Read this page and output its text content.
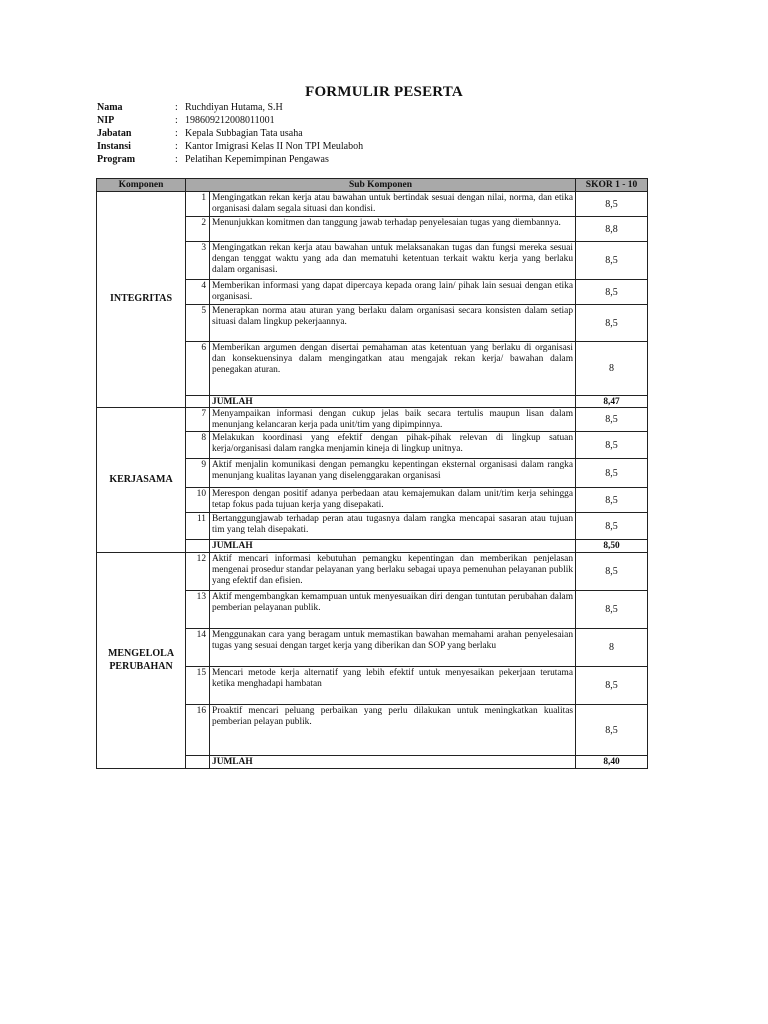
FORMULIR PESERTA
Nama	: Ruchdiyan Hutama, S.H
NIP	: 198609212008011001
Jabatan	: Kepala Subbagian Tata usaha
Instansi	: Kantor Imigrasi Kelas II Non TPI Meulaboh
Program	: Pelatihan Kepemimpinan Pengawas
Komponen	Sub Komponen		SKOR 1 - 10
INTEGRITAS	1	Mengingatkan rekan kerja atau bawahan untuk bertindak sesuai dengan nilai, norma, dan etika organisasi dalam segala situasi dan kondisi.	8,5
	2	Menunjukkan komitmen dan tanggung jawab terhadap penyelesaian tugas yang diembannya.	8,8
	3	Mengingatkan rekan kerja atau bawahan untuk melaksanakan tugas dan fungsi mereka sesuai dengan tenggat waktu yang ada dan mematuhi ketentuan terkait waktu kerja yang berlaku dalam organisasi.	8,5
	4	Memberikan informasi yang dapat dipercaya kepada orang lain/ pihak lain sesuai dengan etika organisasi.	8,5
	5	Menerapkan norma atau aturan yang berlaku dalam organisasi secara konsisten dalam setiap situasi dalam lingkup pekerjaannya.	8,5
	6	Memberikan argumen dengan disertai pemahaman atas ketentuan yang berlaku di organisasi dan konsekuensinya dalam mengingatkan atau mengajak rekan kerja/ bawahan dalam penegakan aturan.	8
		JUMLAH	8,47
KERJASAMA	7	Menyampaikan informasi dengan cukup jelas baik secara tertulis maupun lisan dalam menunjang kelancaran kerja pada unit/tim yang dipimpinnya.	8,5
	8	Melakukan koordinasi yang efektif dengan pihak-pihak relevan di lingkup satuan kerja/organisasi dalam rangka menjamin kineja di lingkup unitnya.	8,5
	9	Aktif menjalin komunikasi dengan pemangku kepentingan eksternal organisasi dalam rangka menunjang kualitas layanan yang diselenggarakan organisasi	8,5
	10	Merespon dengan positif adanya perbedaan atau kemajemukan dalam unit/tim kerja sehingga tetap fokus pada tujuan kerja yang disepakati.	8,5
	11	Bertanggungjawab terhadap peran atau tugasnya dalam rangka mencapai sasaran atau tujuan tim yang telah disepakati.	8,5
		JUMLAH	8,50
MENGELOLA PERUBAHAN	12	Aktif mencari informasi kebutuhan pemangku kepentingan dan memberikan penjelasan mengenai prosedur standar pelayanan yang berlaku sebagai upaya pemenuhan pelayanan publik yang efektif dan efisien.	8,5
	13	Aktif mengembangkan kemampuan untuk menyesuaikan diri dengan tuntutan perubahan dalam pemberian pelayanan publik.	8,5
	14	Menggunakan cara yang beragam untuk memastikan bawahan memahami arahan penyelesaian tugas yang sesuai dengan target kerja yang diberikan dan SOP yang berlaku	8
	15	Mencari metode kerja alternatif yang lebih efektif untuk menyesaikan pekerjaan terutama ketika menghadapi hambatan	8,5
	16	Proaktif mencari peluang perbaikan yang perlu dilakukan untuk meningkatkan kualitas pemberian pelayan publik.	8,5
		JUMLAH	8,40
